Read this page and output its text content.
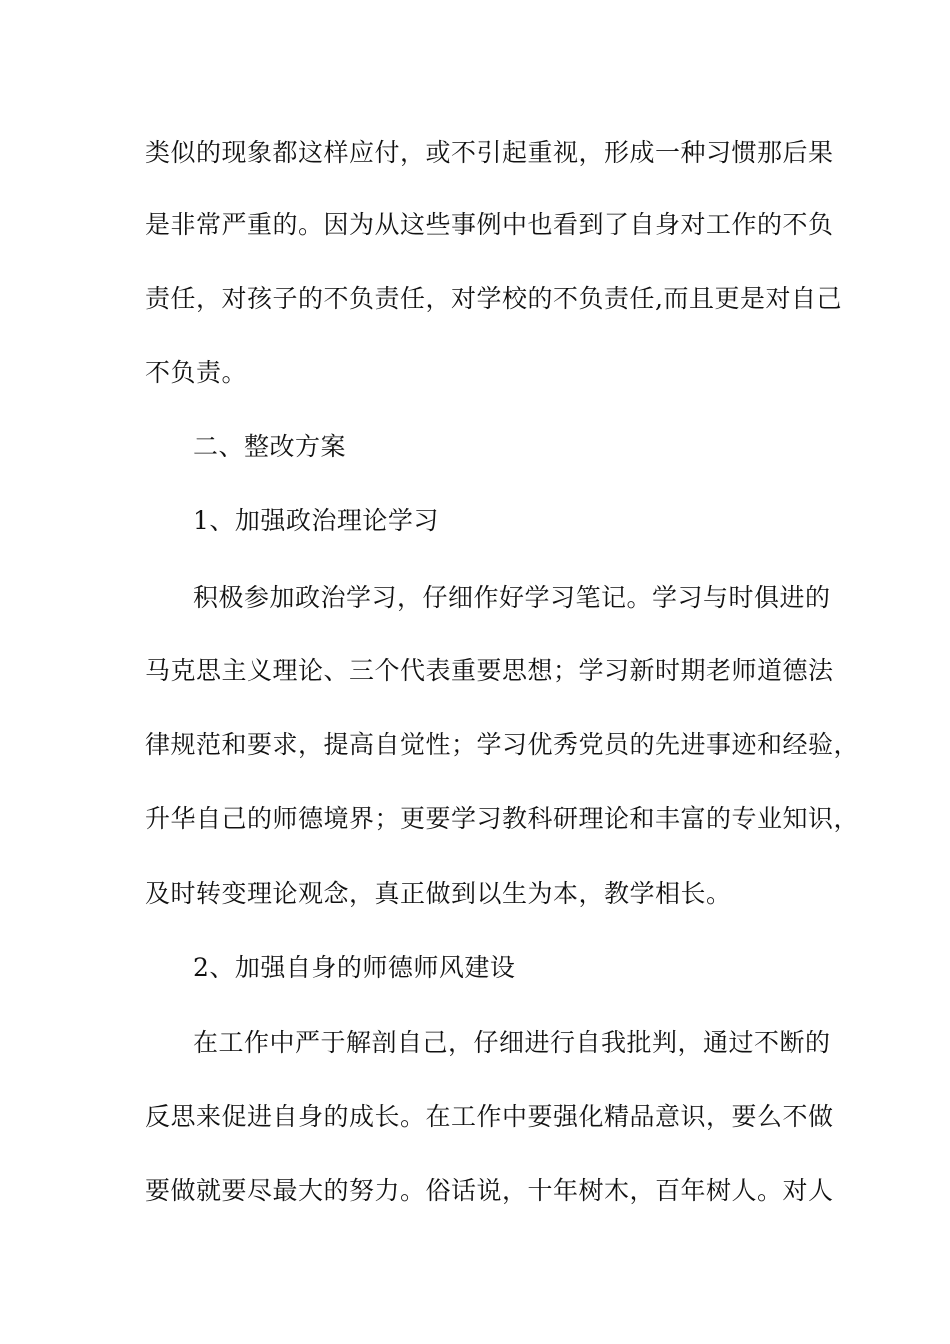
类似的现象都这样应付，或不引起重视，形成一种习惯那后果
是非常严重的。因为从这些事例中也看到了自身对工作的不负
责任，对孩子的不负责任，对学校的不负责任,而且更是对自己
不负责。
二、整改方案
1、加强政治理论学习
积极参加政治学习，仔细作好学习笔记。学习与时俱进的
马克思主义理论、三个代表重要思想；学习新时期老师道德法
律规范和要求，提高自觉性；学习优秀党员的先进事迹和经验，
升华自己的师德境界；更要学习教科研理论和丰富的专业知识，
及时转变理论观念，真正做到以生为本，教学相长。
2、加强自身的师德师风建设
在工作中严于解剖自己，仔细进行自我批判，通过不断的
反思来促进自身的成长。在工作中要强化精品意识，要么不做
要做就要尽最大的努力。俗话说，十年树木，百年树人。对人
